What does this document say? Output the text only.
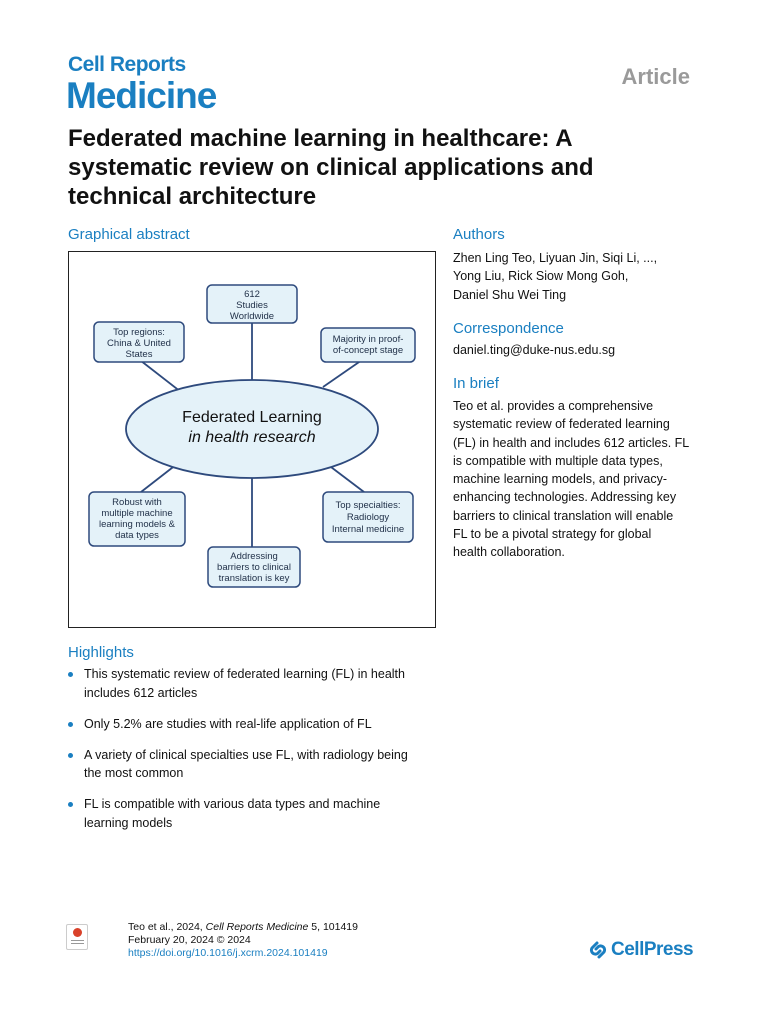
Cell Reports
Medicine	Article
Federated machine learning in healthcare: A systematic review on clinical applications and technical architecture
Graphical abstract
Federated Learning
in health research
612
Studies
Worldwide
Top regions:
China & United
States
Majority in proof-
of-concept stage
Robust with
multiple machine
learning models &
data types
Top specialties:
Radiology
Internal medicine
Addressing
barriers to clinical
translation is key
Authors
Zhen Ling Teo, Liyuan Jin, Siqi Li, ...,
Yong Liu, Rick Siow Mong Goh,
Daniel Shu Wei Ting
Correspondence
daniel.ting@duke-nus.edu.sg
In brief
Teo et al. provides a comprehensive
systematic review of federated learning
(FL) in health and includes 612 articles. FL
is compatible with multiple data types,
machine learning models, and privacy-
enhancing technologies. Addressing key
barriers to clinical translation will enable
FL to be a pivotal strategy for global
health collaboration.
Highlights
This systematic review of federated learning (FL) in health
includes 612 articles
Only 5.2% are studies with real-life application of FL
A variety of clinical specialties use FL, with radiology being
the most common
FL is compatible with various data types and machine
learning models
Teo et al., 2024, Cell Reports Medicine 5, 101419
February 20, 2024 © 2024
https://doi.org/10.1016/j.xcrm.2024.101419	CellPress
